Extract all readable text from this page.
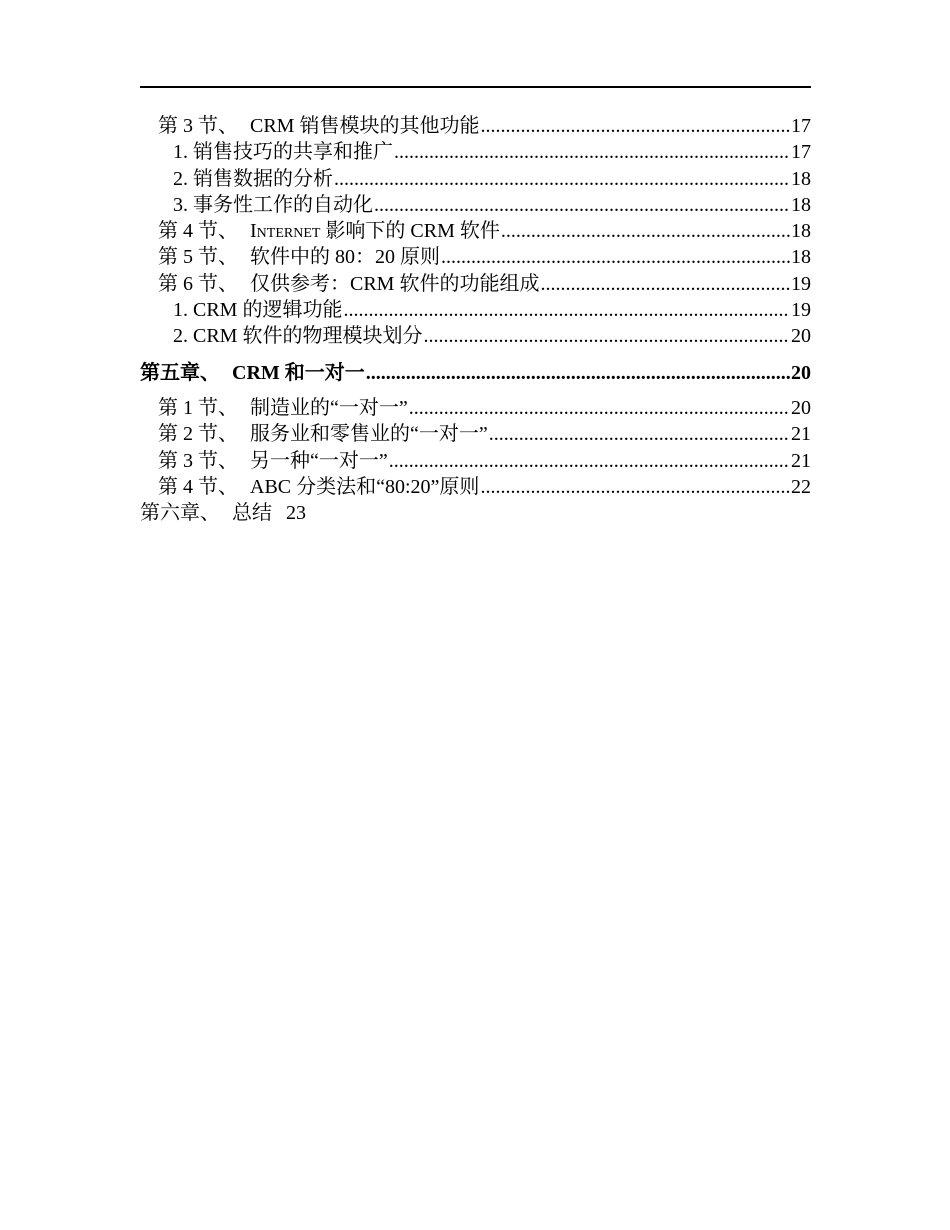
第 3 节、 CRM 销售模块的其他功能 .....	17
1. 销售技巧的共享和推广 .....	17
2. 销售数据的分析 .....	18
3. 事务性工作的自动化 .....	18
第 4 节、 Internet 影响下的 CRM 软件 .....	18
第 5 节、 软件中的 80：20 原则 .....	18
第 6 节、 仅供参考：CRM 软件的功能组成 .....	19
1. CRM 的逻辑功能 .....	19
2. CRM 软件的物理模块划分 .....	20
第五章、 CRM 和一对一 .....	20
第 1 节、 制造业的“一对一” .....	20
第 2 节、 服务业和零售业的“一对一” .....	21
第 3 节、 另一种“一对一” .....	21
第 4 节、 ABC 分类法和“80:20”原则 .....	22
第六章、 总结 23
